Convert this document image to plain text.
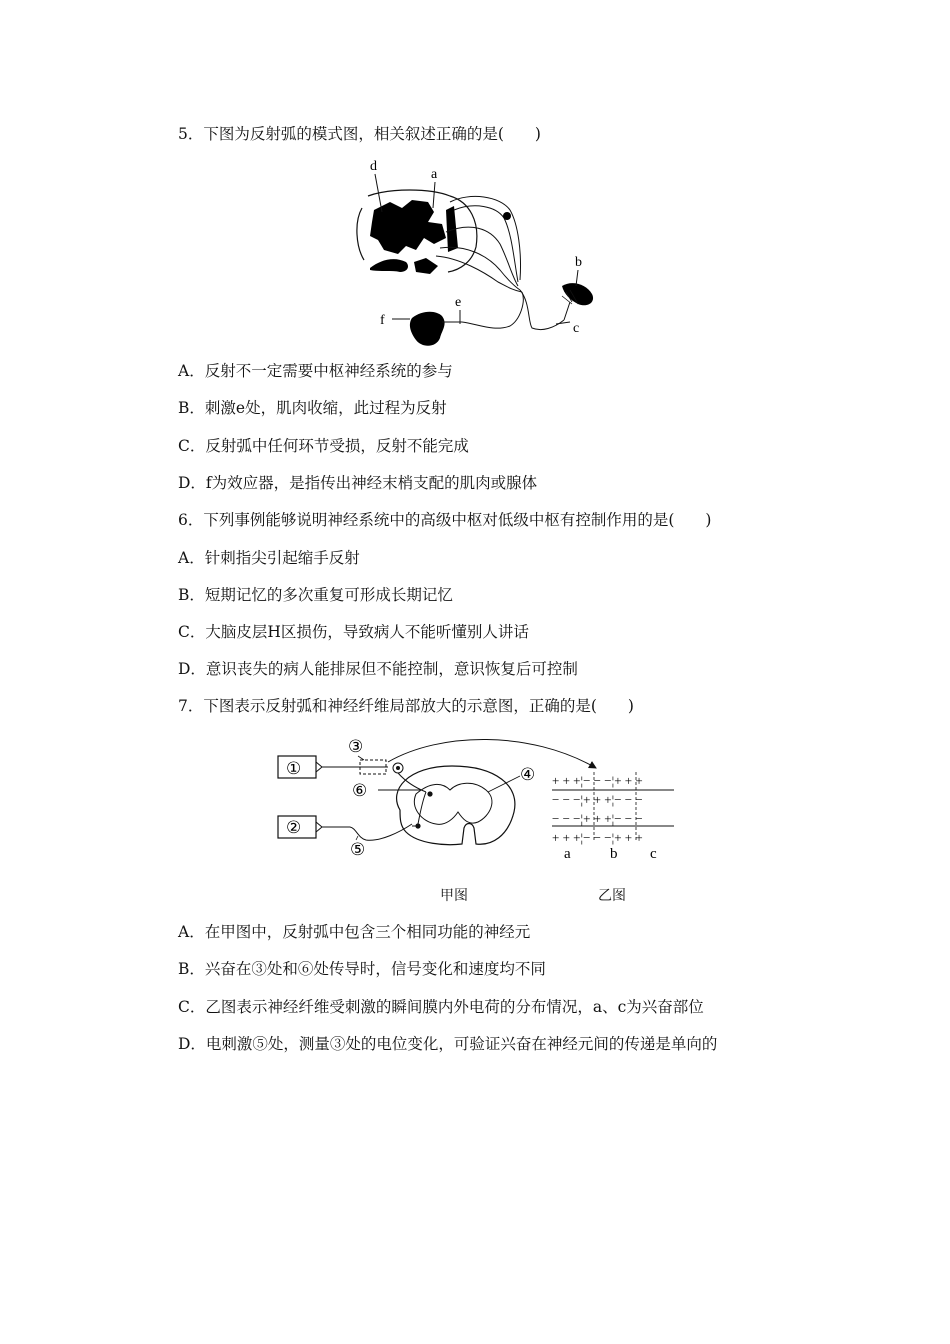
5．下图为反射弧的模式图，相关叙述正确的是(　　)
d
a
b
c
f
e
A．反射不一定需要中枢神经系统的参与
B．刺激e处，肌肉收缩，此过程为反射
C．反射弧中任何环节受损，反射不能完成
D．f为效应器，是指传出神经末梢支配的肌肉或腺体
6．下列事例能够说明神经系统中的高级中枢对低级中枢有控制作用的是(　　)
A．针刺指尖引起缩手反射
B．短期记忆的多次重复可形成长期记忆
C．大脑皮层H区损伤，导致病人不能听懂别人讲话
D．意识丧失的病人能排尿但不能控制，意识恢复后可控制
7．下图表示反射弧和神经纤维局部放大的示意图，正确的是(　　)
①
②
③
⑥
④
⑤
+ + +¦− − −¦+ + +
− − −¦+ + +¦− − −
− − −¦+ + +¦− − −
+ + +¦− − −¦+ + +
a	b c
甲图	乙图
A．在甲图中，反射弧中包含三个相同功能的神经元
B．兴奋在③处和⑥处传导时，信号变化和速度均不同
C．乙图表示神经纤维受刺激的瞬间膜内外电荷的分布情况，a、c为兴奋部位
D．电刺激⑤处，测量③处的电位变化，可验证兴奋在神经元间的传递是单向的
